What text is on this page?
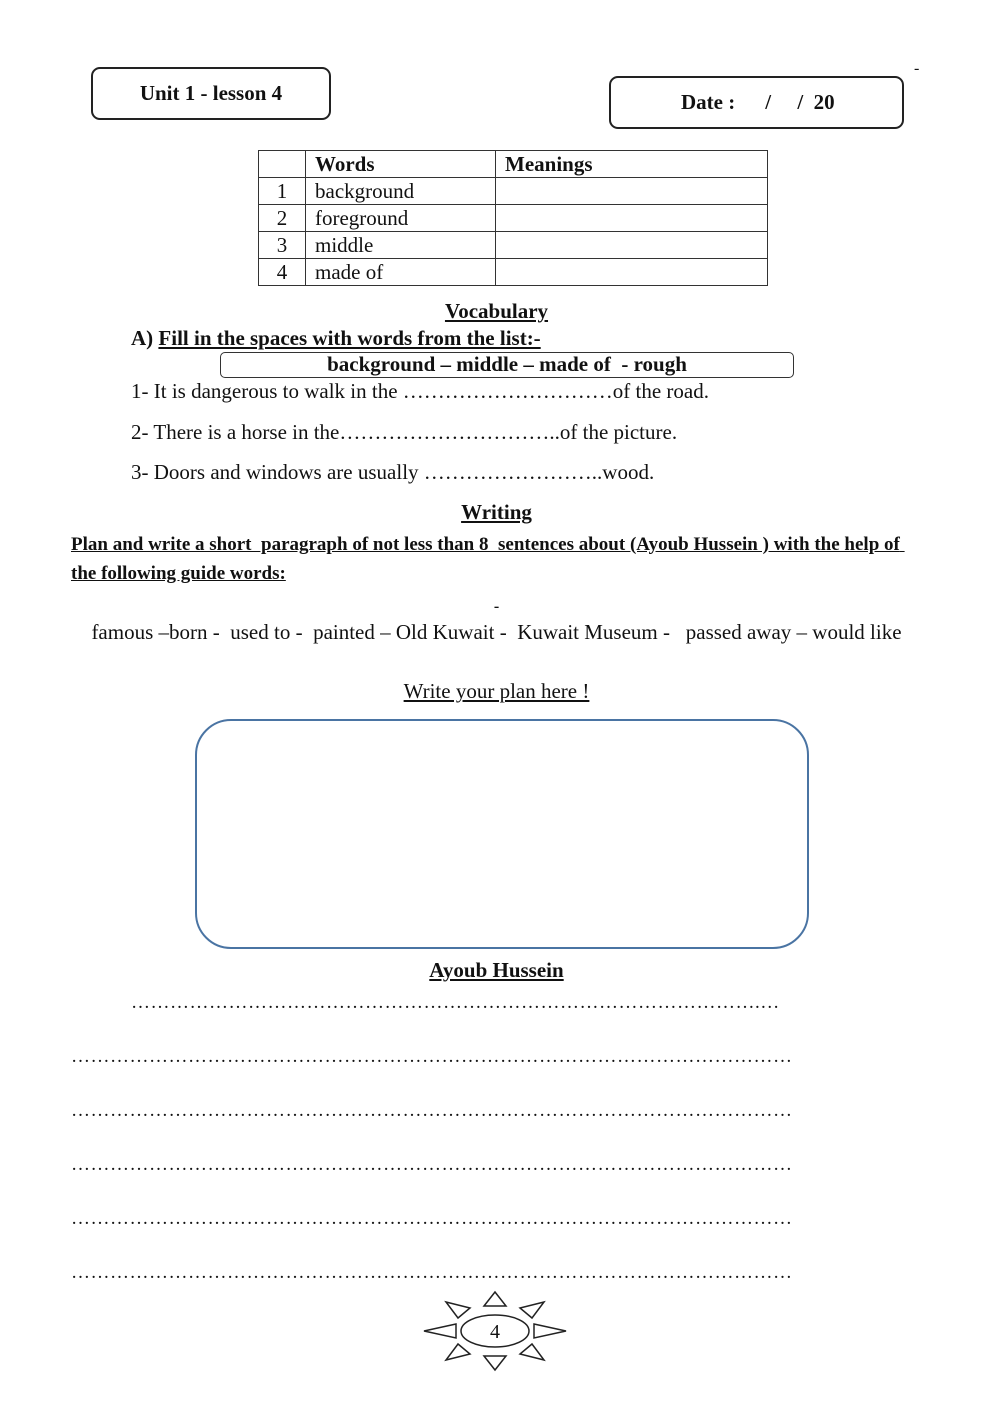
Unit 1 - lesson 4	Date : /     /  20
-
	Words	Meanings
1	background	
2	foreground	
3	middle	
4	made of	
Vocabulary
A) Fill in the spaces with words from the list:-
background – middle – made of  - rough
1- It is dangerous to walk in the …………………………of the road.
2- There is a horse in the…………………………..of the picture.
3- Doors and windows are usually ……………………..wood.
Writing
Plan and write a short  paragraph of not less than 8  sentences about (Ayoub Hussein ) with the help of the following guide words:
-
famous –born -  used to -  painted – Old Kuwait -  Kuwait Museum -   passed away – would like
Write your plan here !
Ayoub Hussein
…………………………………………………………………………………….…
…………………………………………………………………………………………………
…………………………………………………………………………………………………
…………………………………………………………………………………………………
…………………………………………………………………………………………………
…………………………………………………………………………………………………
4
